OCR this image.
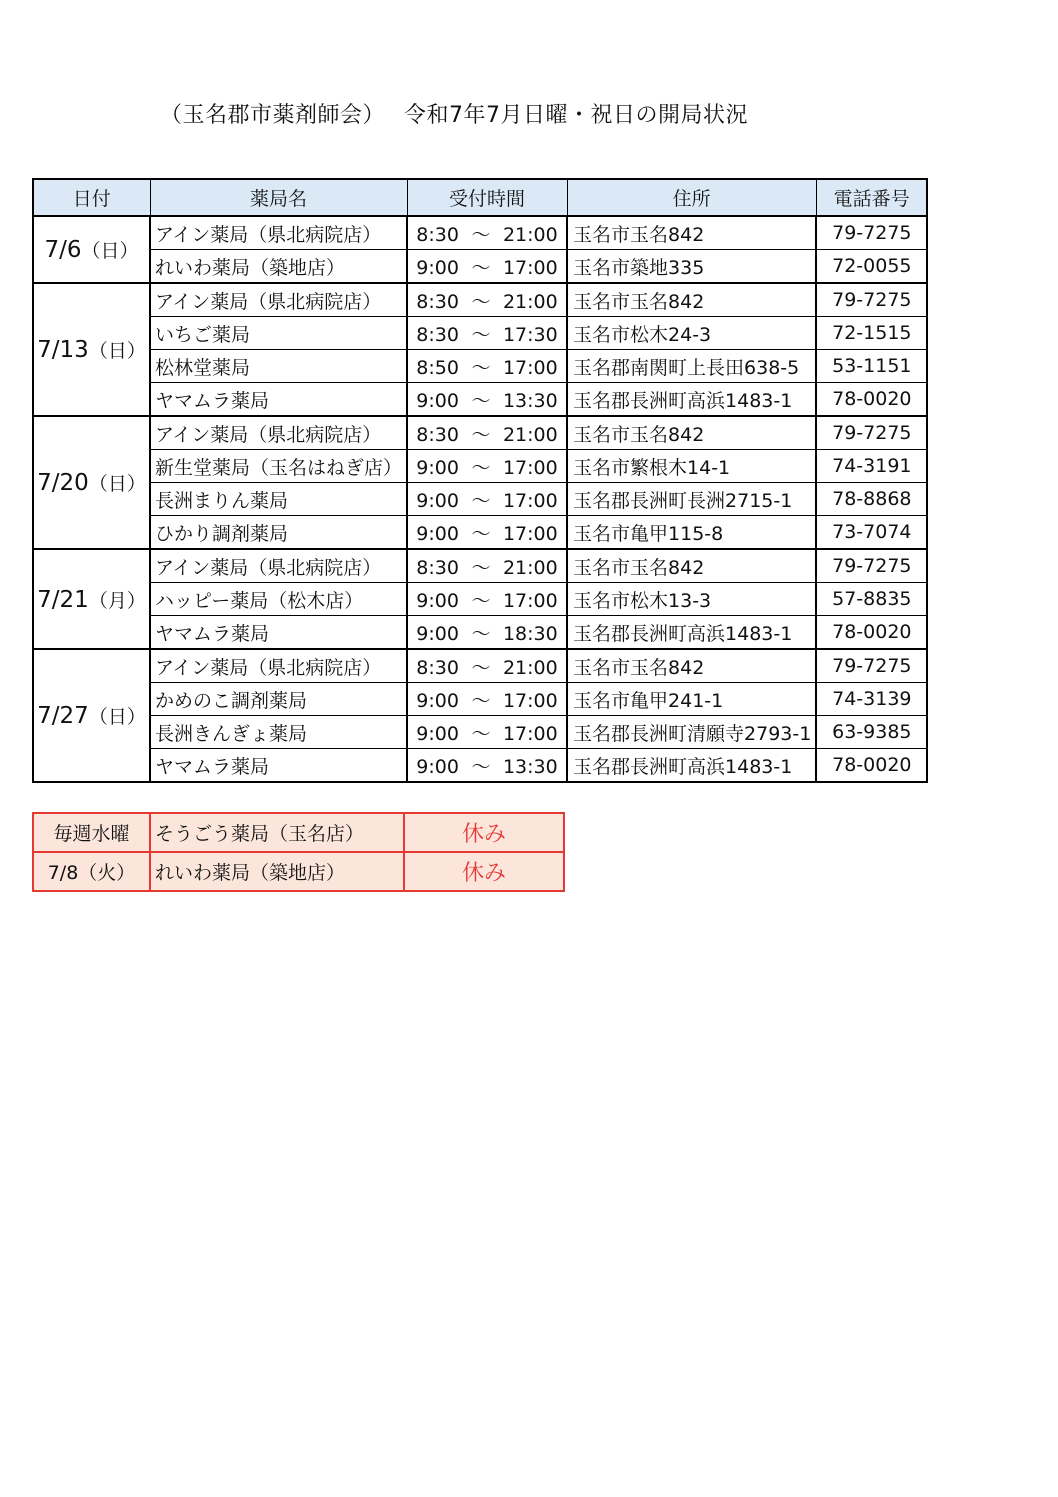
（玉名郡市薬剤師会）　 令和7年7月日曜・祝日の開局状況
日付	薬局名	受付時間	住所	電話番号
7/6（日）	アイン薬局（県北病院店）	8:30 ～ 21:00	玉名市玉名842	79-7275
	れいわ薬局（築地店）	9:00 ～ 17:00	玉名市築地335	72-0055
7/13（日）	アイン薬局（県北病院店）	8:30 ～ 21:00	玉名市玉名842	79-7275
	いちご薬局	8:30 ～ 17:30	玉名市松木24-3	72-1515
	松林堂薬局	8:50 ～ 17:00	玉名郡南関町上長田638-5	53-1151
	ヤマムラ薬局	9:00 ～ 13:30	玉名郡長洲町高浜1483-1	78-0020
7/20（日）	アイン薬局（県北病院店）	8:30 ～ 21:00	玉名市玉名842	79-7275
	新生堂薬局（玉名はねぎ店）	9:00 ～ 17:00	玉名市繁根木14-1	74-3191
	長洲まりん薬局	9:00 ～ 17:00	玉名郡長洲町長洲2715-1	78-8868
	ひかり調剤薬局	9:00 ～ 17:00	玉名市亀甲115-8	73-7074
7/21（月）	アイン薬局（県北病院店）	8:30 ～ 21:00	玉名市玉名842	79-7275
	ハッピー薬局（松木店）	9:00 ～ 17:00	玉名市松木13-3	57-8835
	ヤマムラ薬局	9:00 ～ 18:30	玉名郡長洲町高浜1483-1	78-0020
7/27（日）	アイン薬局（県北病院店）	8:30 ～ 21:00	玉名市玉名842	79-7275
	かめのこ調剤薬局	9:00 ～ 17:00	玉名市亀甲241-1	74-3139
	長洲きんぎょ薬局	9:00 ～ 17:00	玉名郡長洲町清願寺2793-1	63-9385
	ヤマムラ薬局	9:00 ～ 13:30	玉名郡長洲町高浜1483-1	78-0020
毎週水曜	そうごう薬局（玉名店）	休み
7/8（火）	れいわ薬局（築地店）	休み
